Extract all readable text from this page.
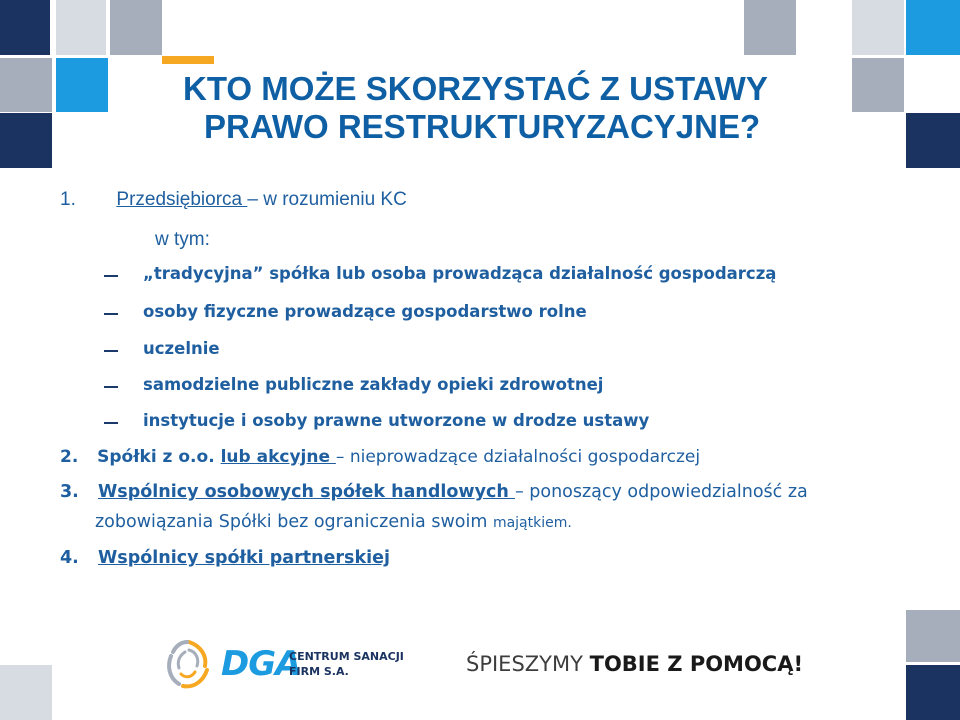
KTO MOŻE SKORZYSTAĆ Z USTAWY
PRAWO RESTRUKTURYZACYJNE?
1. Przedsiębiorca – w rozumieniu KC
w tym:
„tradycyjna” spółka lub osoba prowadząca działalność gospodarczą
osoby fizyczne prowadzące gospodarstwo rolne
uczelnie
samodzielne publiczne zakłady opieki zdrowotnej
instytucje i osoby prawne utworzone w drodze ustawy
2. Spółki z o.o. lub akcyjne – nieprowadzące działalności gospodarczej
3. Wspólnicy osobowych spółek handlowych – ponoszący odpowiedzialność za
zobowiązania Spółki bez ograniczenia swoim majątkiem.
4. Wspólnicy spółki partnerskiej
DGA
CENTRUM SANACJI
FIRM S.A.	ŚPIESZYMY TOBIE Z POMOCĄ!
